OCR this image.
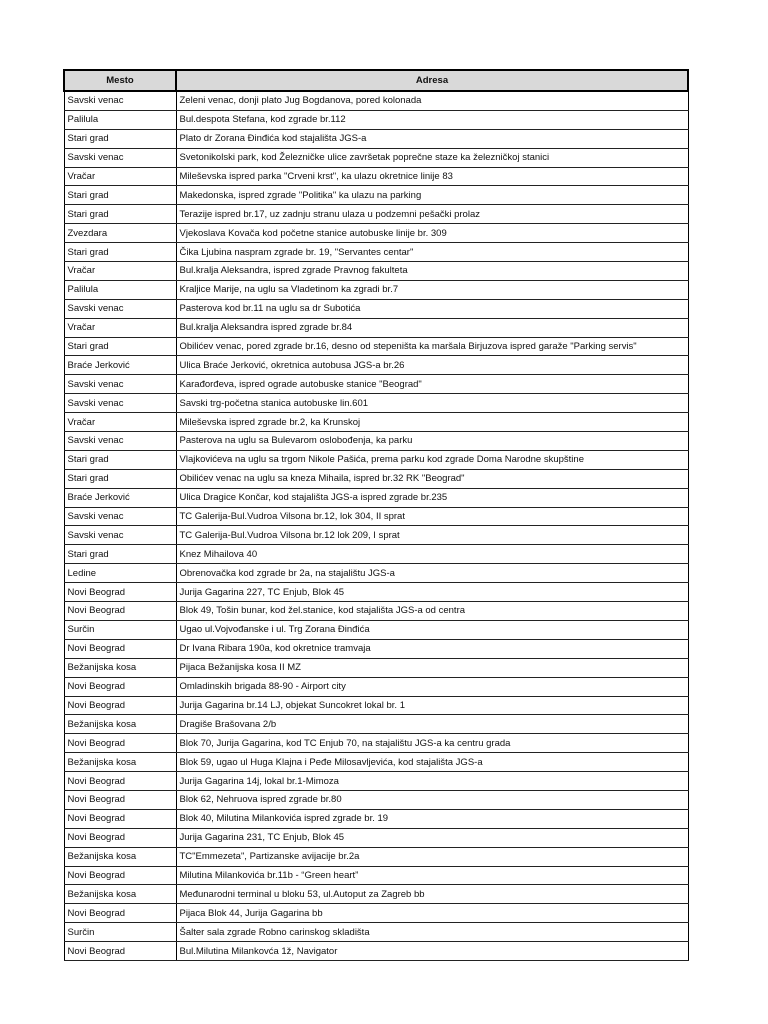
Mesto	Adresa
Savski venac	Zeleni venac, donji plato Jug Bogdanova, pored kolonada
Palilula	Bul.despota Stefana, kod zgrade br.112
Stari grad	Plato dr Zorana Đinđića kod stajališta JGS-a
Savski venac	Svetonikolski park, kod Železničke ulice završetak poprečne staze ka železničkoj stanici
Vračar	Mileševska ispred parka "Crveni krst", ka ulazu okretnice linije 83
Stari grad	Makedonska, ispred zgrade "Politika" ka ulazu na parking
Stari grad	Terazije ispred br.17, uz zadnju stranu ulaza u podzemni pešački prolaz
Zvezdara	Vjekoslava Kovača kod početne stanice autobuske linije br. 309
Stari grad	Čika Ljubina naspram zgrade br. 19, "Servantes centar"
Vračar	Bul.kralja Aleksandra, ispred zgrade Pravnog fakulteta
Palilula	Kraljice Marije, na uglu sa Vladetinom ka zgradi br.7
Savski venac	Pasterova kod br.11 na uglu sa dr Subotića
Vračar	Bul.kralja Aleksandra ispred zgrade br.84
Stari grad	Obilićev venac, pored zgrade br.16, desno od stepeništa ka maršala Birjuzova ispred garaže "Parking servis"
Braće Jerković	Ulica Braće Jerković, okretnica autobusa JGS-a br.26
Savski venac	Karađorđeva, ispred ograde autobuske stanice "Beograd"
Savski venac	Savski trg-početna stanica autobuske lin.601
Vračar	Mileševska ispred zgrade br.2, ka Krunskoj
Savski venac	Pasterova na uglu sa Bulevarom oslobođenja, ka parku
Stari grad	Vlajkovićeva na uglu sa trgom Nikole Pašića, prema parku kod zgrade Doma Narodne skupštine
Stari grad	Obilićev venac na uglu sa kneza Mihaila, ispred br.32 RK "Beograd"
Braće Jerković	Ulica Dragice Končar, kod stajališta JGS-a ispred zgrade br.235
Savski venac	TC Galerija-Bul.Vudroa Vilsona br.12, lok 304, II sprat
Savski venac	TC Galerija-Bul.Vudroa Vilsona br.12 lok 209, I sprat
Stari grad	Knez Mihailova 40
Ledine	Obrenovačka kod zgrade br 2a, na stajalištu JGS-a
Novi Beograd	Jurija Gagarina 227, TC Enjub, Blok 45
Novi Beograd	Blok 49, Tošin bunar, kod žel.stanice, kod stajališta JGS-a od centra
Surčin	Ugao ul.Vojvođanske i ul. Trg Zorana Đinđića
Novi Beograd	Dr Ivana Ribara 190a, kod okretnice tramvaja
Bežanijska kosa	Pijaca Bežanijska kosa II MZ
Novi Beograd	Omladinskih brigada 88-90 - Airport city
Novi Beograd	Jurija Gagarina br.14 LJ, objekat Suncokret lokal br. 1
Bežanijska kosa	Dragiše Brašovana 2/b
Novi Beograd	Blok 70, Jurija Gagarina, kod TC Enjub 70, na stajalištu JGS-a ka centru grada
Bežanijska kosa	Blok 59, ugao ul Huga Klajna i Peđe Milosavljevića, kod stajališta JGS-a
Novi Beograd	Jurija Gagarina 14j, lokal br.1-Mimoza
Novi Beograd	Blok 62, Nehruova ispred zgrade br.80
Novi Beograd	Blok 40, Milutina Milankovića ispred zgrade br. 19
Novi Beograd	Jurija Gagarina 231, TC Enjub, Blok 45
Bežanijska kosa	TC"Emmezeta", Partizanske avijacije br.2a
Novi Beograd	Milutina Milankovića br.11b - “Green heart”
Bežanijska kosa	Međunarodni terminal u bloku 53, ul.Autoput za Zagreb bb
Novi Beograd	Pijaca Blok 44, Jurija Gagarina bb
Surčin	Šalter sala zgrade Robno carinskog skladišta
Novi Beograd	Bul.Milutina Milankovća 1ž, Navigator
